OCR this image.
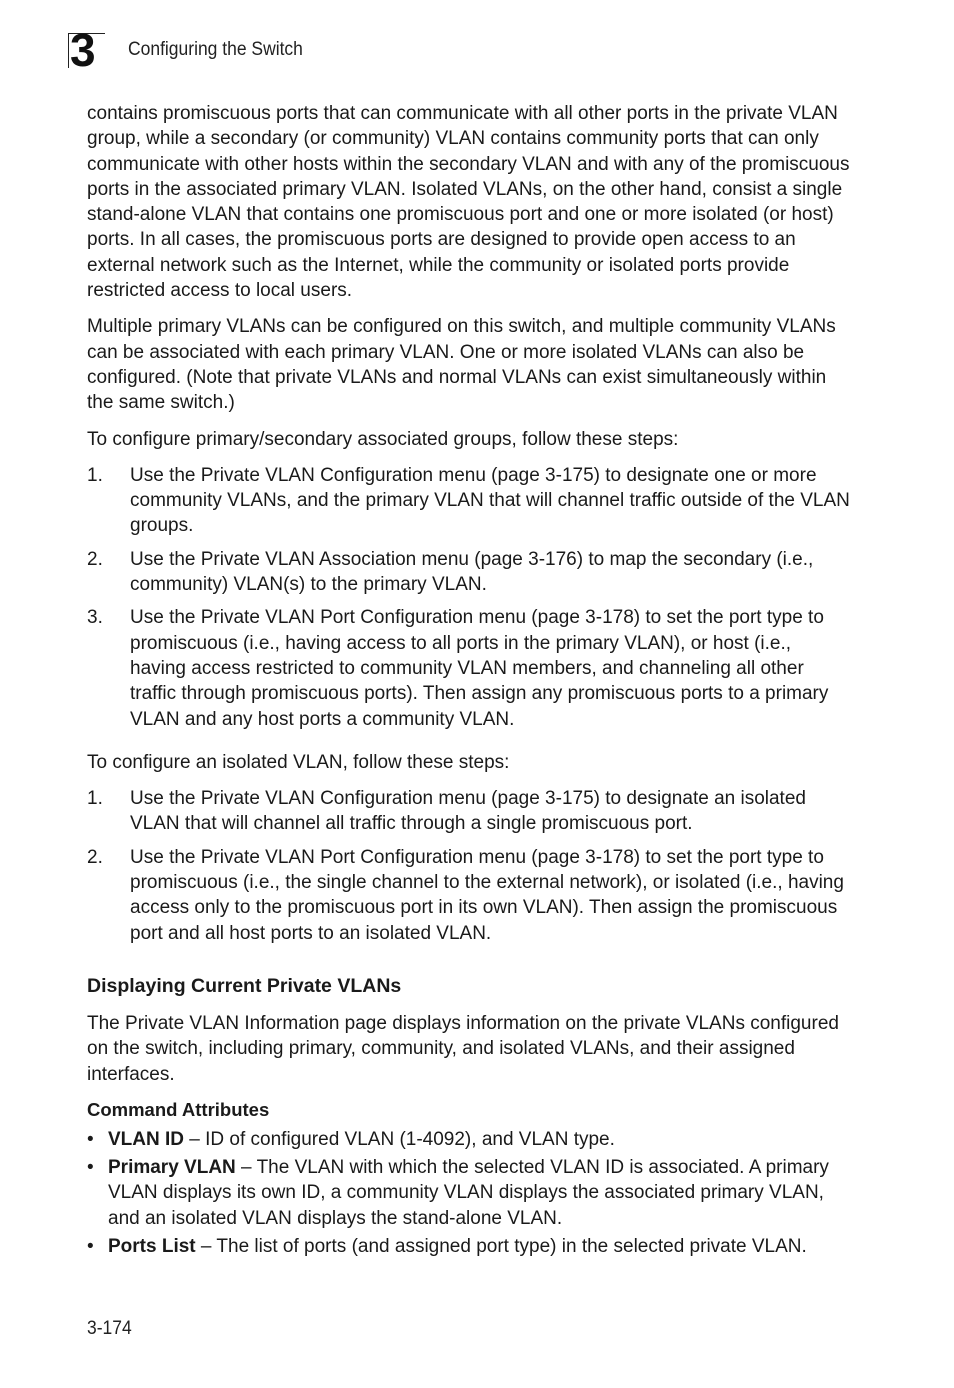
3 Configuring the Switch

contains promiscuous ports that can communicate with all other ports in the private VLAN group, while a secondary (or community) VLAN contains community ports that can only communicate with other hosts within the secondary VLAN and with any of the promiscuous ports in the associated primary VLAN. Isolated VLANs, on the other hand, consist a single stand-alone VLAN that contains one promiscuous port and one or more isolated (or host) ports. In all cases, the promiscuous ports are designed to provide open access to an external network such as the Internet, while the community or isolated ports provide restricted access to local users.

Multiple primary VLANs can be configured on this switch, and multiple community VLANs can be associated with each primary VLAN. One or more isolated VLANs can also be configured. (Note that private VLANs and normal VLANs can exist simultaneously within the same switch.)

To configure primary/secondary associated groups, follow these steps:

1. Use the Private VLAN Configuration menu (page 3-175) to designate one or more community VLANs, and the primary VLAN that will channel traffic outside of the VLAN groups.
2. Use the Private VLAN Association menu (page 3-176) to map the secondary (i.e., community) VLAN(s) to the primary VLAN.
3. Use the Private VLAN Port Configuration menu (page 3-178) to set the port type to promiscuous (i.e., having access to all ports in the primary VLAN), or host (i.e., having access restricted to community VLAN members, and channeling all other traffic through promiscuous ports). Then assign any promiscuous ports to a primary VLAN and any host ports a community VLAN.

To configure an isolated VLAN, follow these steps:

1. Use the Private VLAN Configuration menu (page 3-175) to designate an isolated VLAN that will channel all traffic through a single promiscuous port.
2. Use the Private VLAN Port Configuration menu (page 3-178) to set the port type to promiscuous (i.e., the single channel to the external network), or isolated (i.e., having access only to the promiscuous port in its own VLAN). Then assign the promiscuous port and all host ports to an isolated VLAN.
Displaying Current Private VLANs

The Private VLAN Information page displays information on the private VLANs configured on the switch, including primary, community, and isolated VLANs, and their assigned interfaces.

Command Attributes
• VLAN ID – ID of configured VLAN (1-4092), and VLAN type.
• Primary VLAN – The VLAN with which the selected VLAN ID is associated. A primary VLAN displays its own ID, a community VLAN displays the associated primary VLAN, and an isolated VLAN displays the stand-alone VLAN.
• Ports List – The list of ports (and assigned port type) in the selected private VLAN.
3-174
